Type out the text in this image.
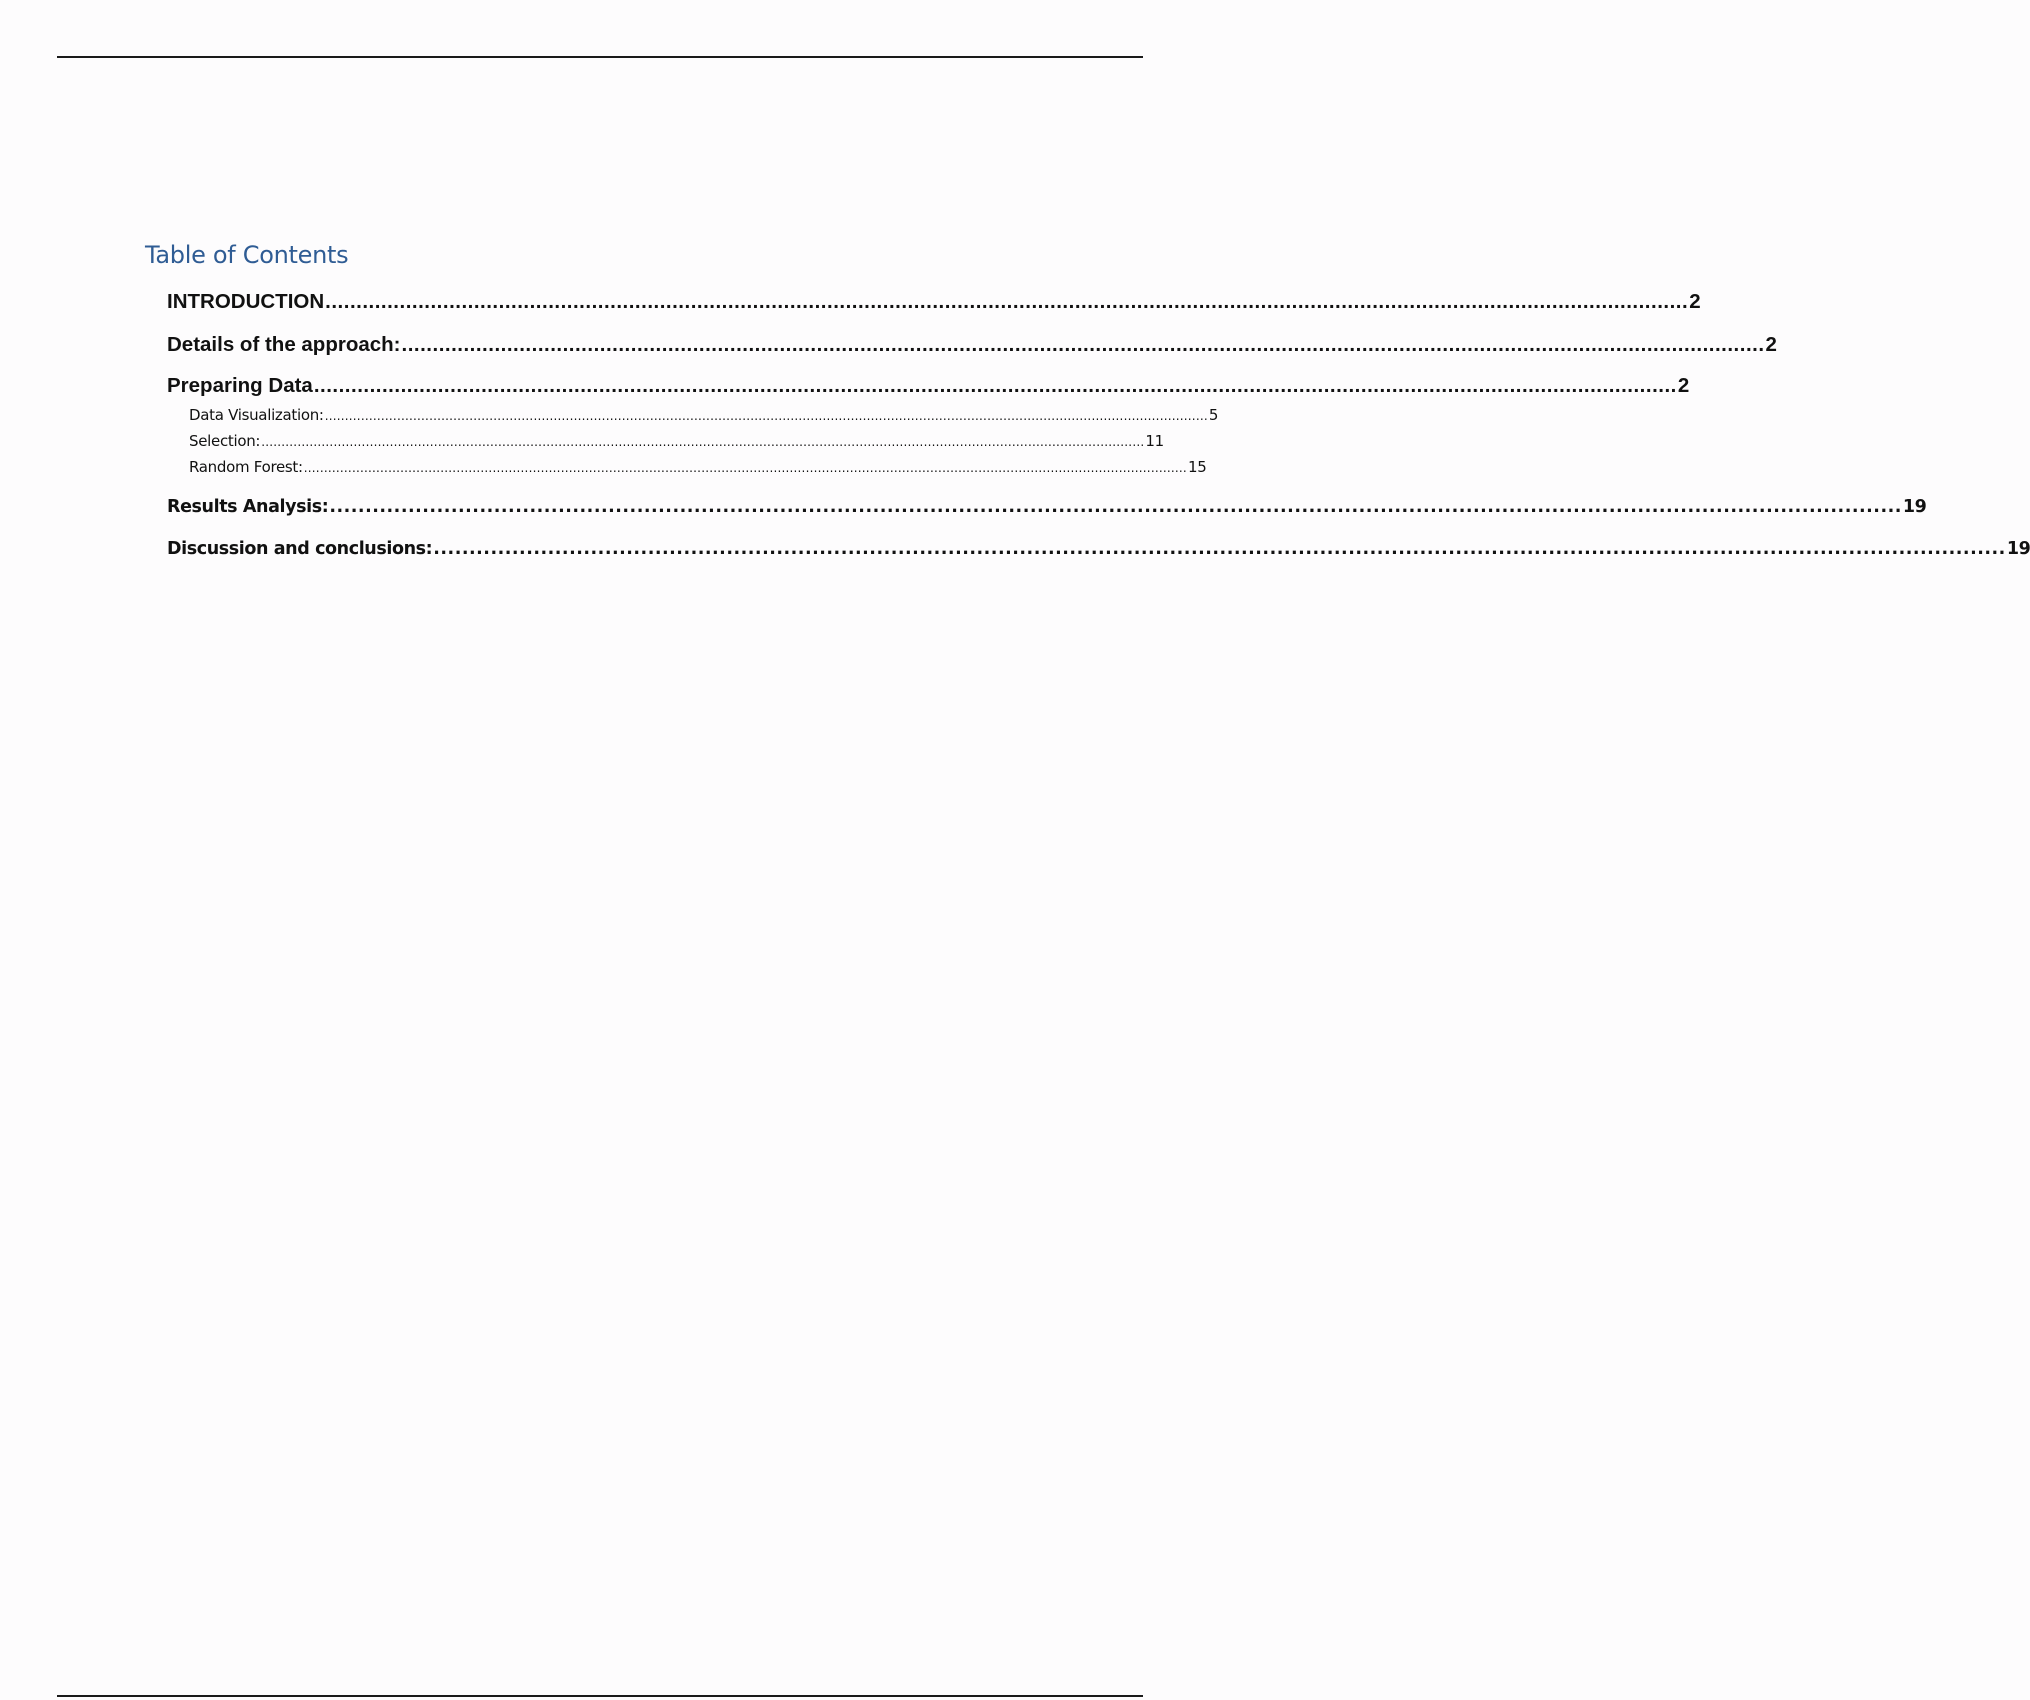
Table of Contents
INTRODUCTION ............................................................................................................................................................................................................................ 2
Details of the approach: ............................................................................................................................................................................................................................ 2
Preparing Data ............................................................................................................................................................................................................................ 2
Data Visualization: ............................................................................................................................................................................................................................ 5
Selection: ............................................................................................................................................................................................................................ 11
Random Forest: ............................................................................................................................................................................................................................ 15
Results Analysis: ............................................................................................................................................................................................................................ 19
Discussion and conclusions: ............................................................................................................................................................................................................................ 19
